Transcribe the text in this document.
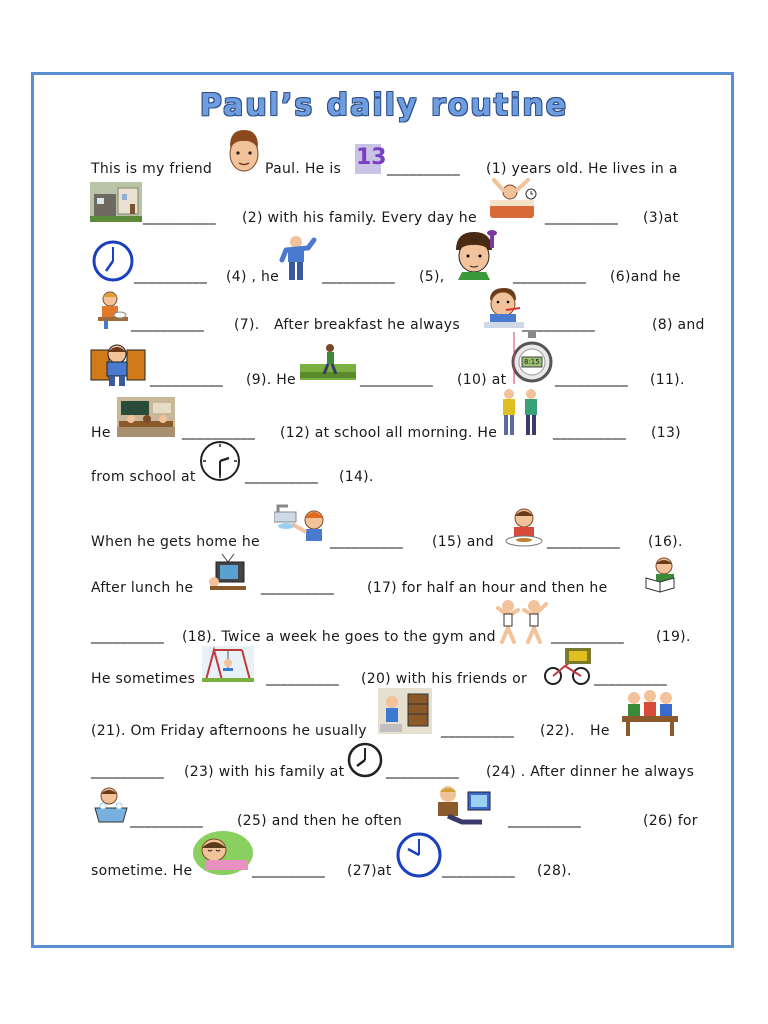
Paul’s daily routine
This is my friend	Paul. He is 13 __________ (1) years old. He lives in a
__________ (2) with his family. Every day he	__________ (3)at
__________ (4) , he	__________ (5),	__________ (6)and he
__________ (7). After breakfast he always	__________	(8) and
__________ (9). He	__________ (10) at
8:15
__________ (11).
He	__________ (12) at school all morning. He	__________ (13)
from school at	__________ (14).
When he gets home he	__________ (15) and	__________ (16).
After lunch he	__________ (17) for half an hour and then he
__________ (18). Twice a week he goes to the gym and	__________ (19).
He sometimes	__________ (20) with his friends or	__________
(21). Om Friday afternoons he usually	__________ (22). He
__________ (23) with his family at	__________ (24) . After dinner he always
__________ (25) and then he often	__________	(26) for
sometime. He	__________ (27)at	__________ (28).
